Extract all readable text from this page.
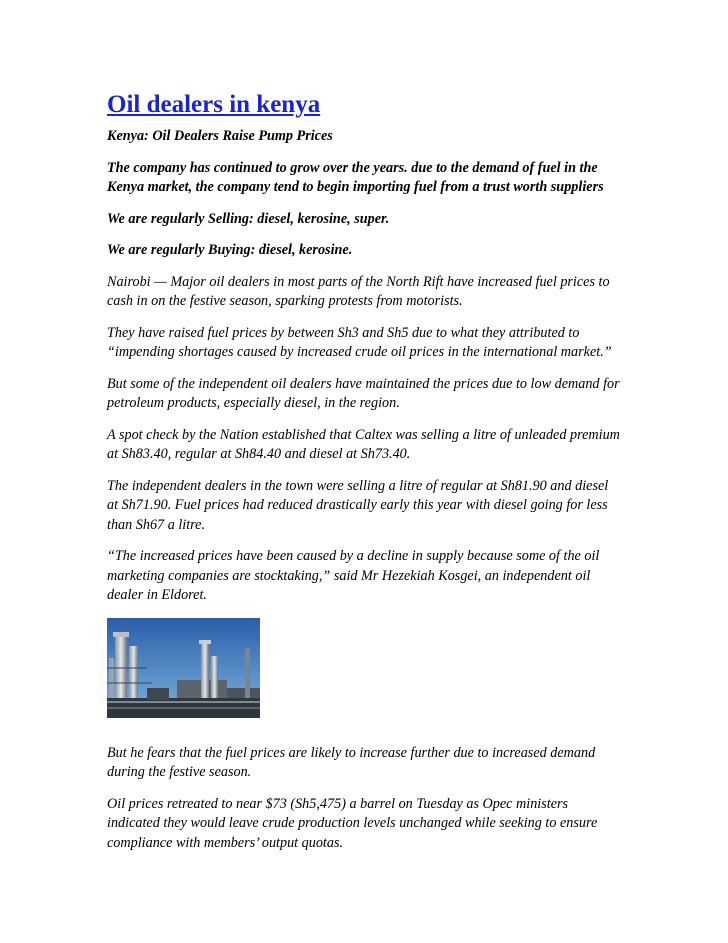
Oil dealers in kenya
Kenya: Oil Dealers Raise Pump Prices
The company has continued to grow over the years. due to the demand of fuel in the Kenya market, the company tend to begin importing fuel from a trust worth suppliers
We are regularly Selling: diesel, kerosine, super.
We are regularly Buying: diesel, kerosine.
Nairobi — Major oil dealers in most parts of the North Rift have increased fuel prices to cash in on the festive season, sparking protests from motorists.
They have raised fuel prices by between Sh3 and Sh5 due to what they attributed to “impending shortages caused by increased crude oil prices in the international market.”
But some of the independent oil dealers have maintained the prices due to low demand for petroleum products, especially diesel, in the region.
A spot check by the Nation established that Caltex was selling a litre of unleaded premium at Sh83.40, regular at Sh84.40 and diesel at Sh73.40.
The independent dealers in the town were selling a litre of regular at Sh81.90 and diesel at Sh71.90. Fuel prices had reduced drastically early this year with diesel going for less than Sh67 a litre.
“The increased prices have been caused by a decline in supply because some of the oil marketing companies are stocktaking,” said Mr Hezekiah Kosgei, an independent oil dealer in Eldoret.
But he fears that the fuel prices are likely to increase further due to increased demand during the festive season.
Oil prices retreated to near $73 (Sh5,475) a barrel on Tuesday as Opec ministers indicated they would leave crude production levels unchanged while seeking to ensure compliance with members’ output quotas.
